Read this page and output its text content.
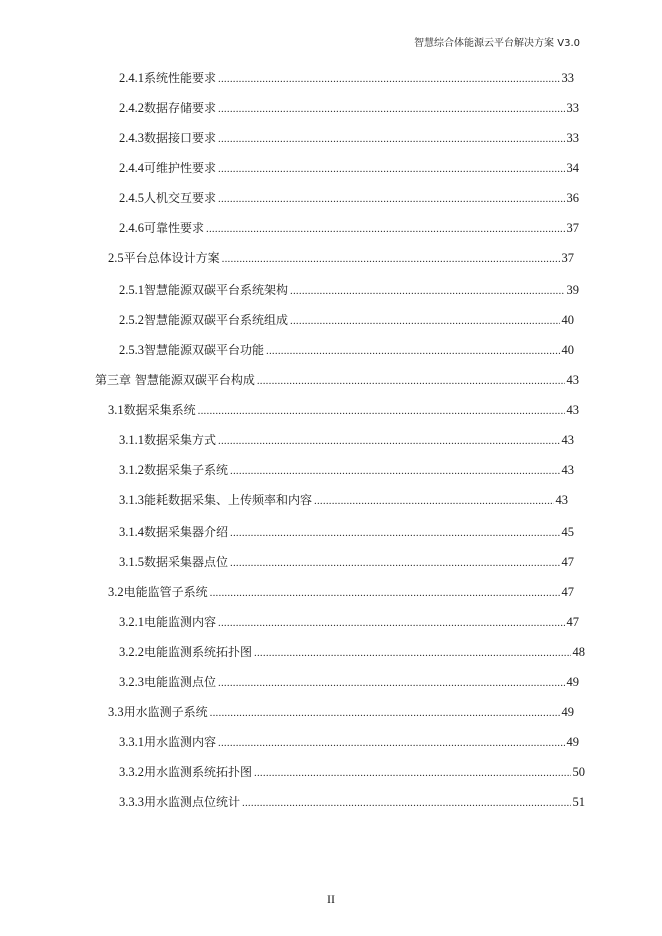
智慧综合体能源云平台解决方案 V3.0
2.4.1 系统性能要求 .....	33
2.4.2 数据存储要求 .....	33
2.4.3 数据接口要求 .....	33
2.4.4 可维护性要求 .....	34
2.4.5 人机交互要求 .....	36
2.4.6 可靠性要求 .....	37
2.5 平台总体设计方案 .....	37
2.5.1 智慧能源双碳平台系统架构 .....	39
2.5.2 智慧能源双碳平台系统组成 .....	40
2.5.3 智慧能源双碳平台功能 .....	40
第三章 智慧能源双碳平台构成 .....	43
3.1 数据采集系统 .....	43
3.1.1 数据采集方式 .....	43
3.1.2 数据采集子系统 .....	43
3.1.3 能耗数据采集、上传频率和内容 .....	43
3.1.4 数据采集器介绍 .....	45
3.1.5 数据采集器点位 .....	47
3.2 电能监管子系统 .....	47
3.2.1 电能监测内容 .....	47
3.2.2 电能监测系统拓扑图 .....	48
3.2.3 电能监测点位 .....	49
3.3 用水监测子系统 .....	49
3.3.1 用水监测内容 .....	49
3.3.2 用水监测系统拓扑图 .....	50
3.3.3 用水监测点位统计 .....	51
II
